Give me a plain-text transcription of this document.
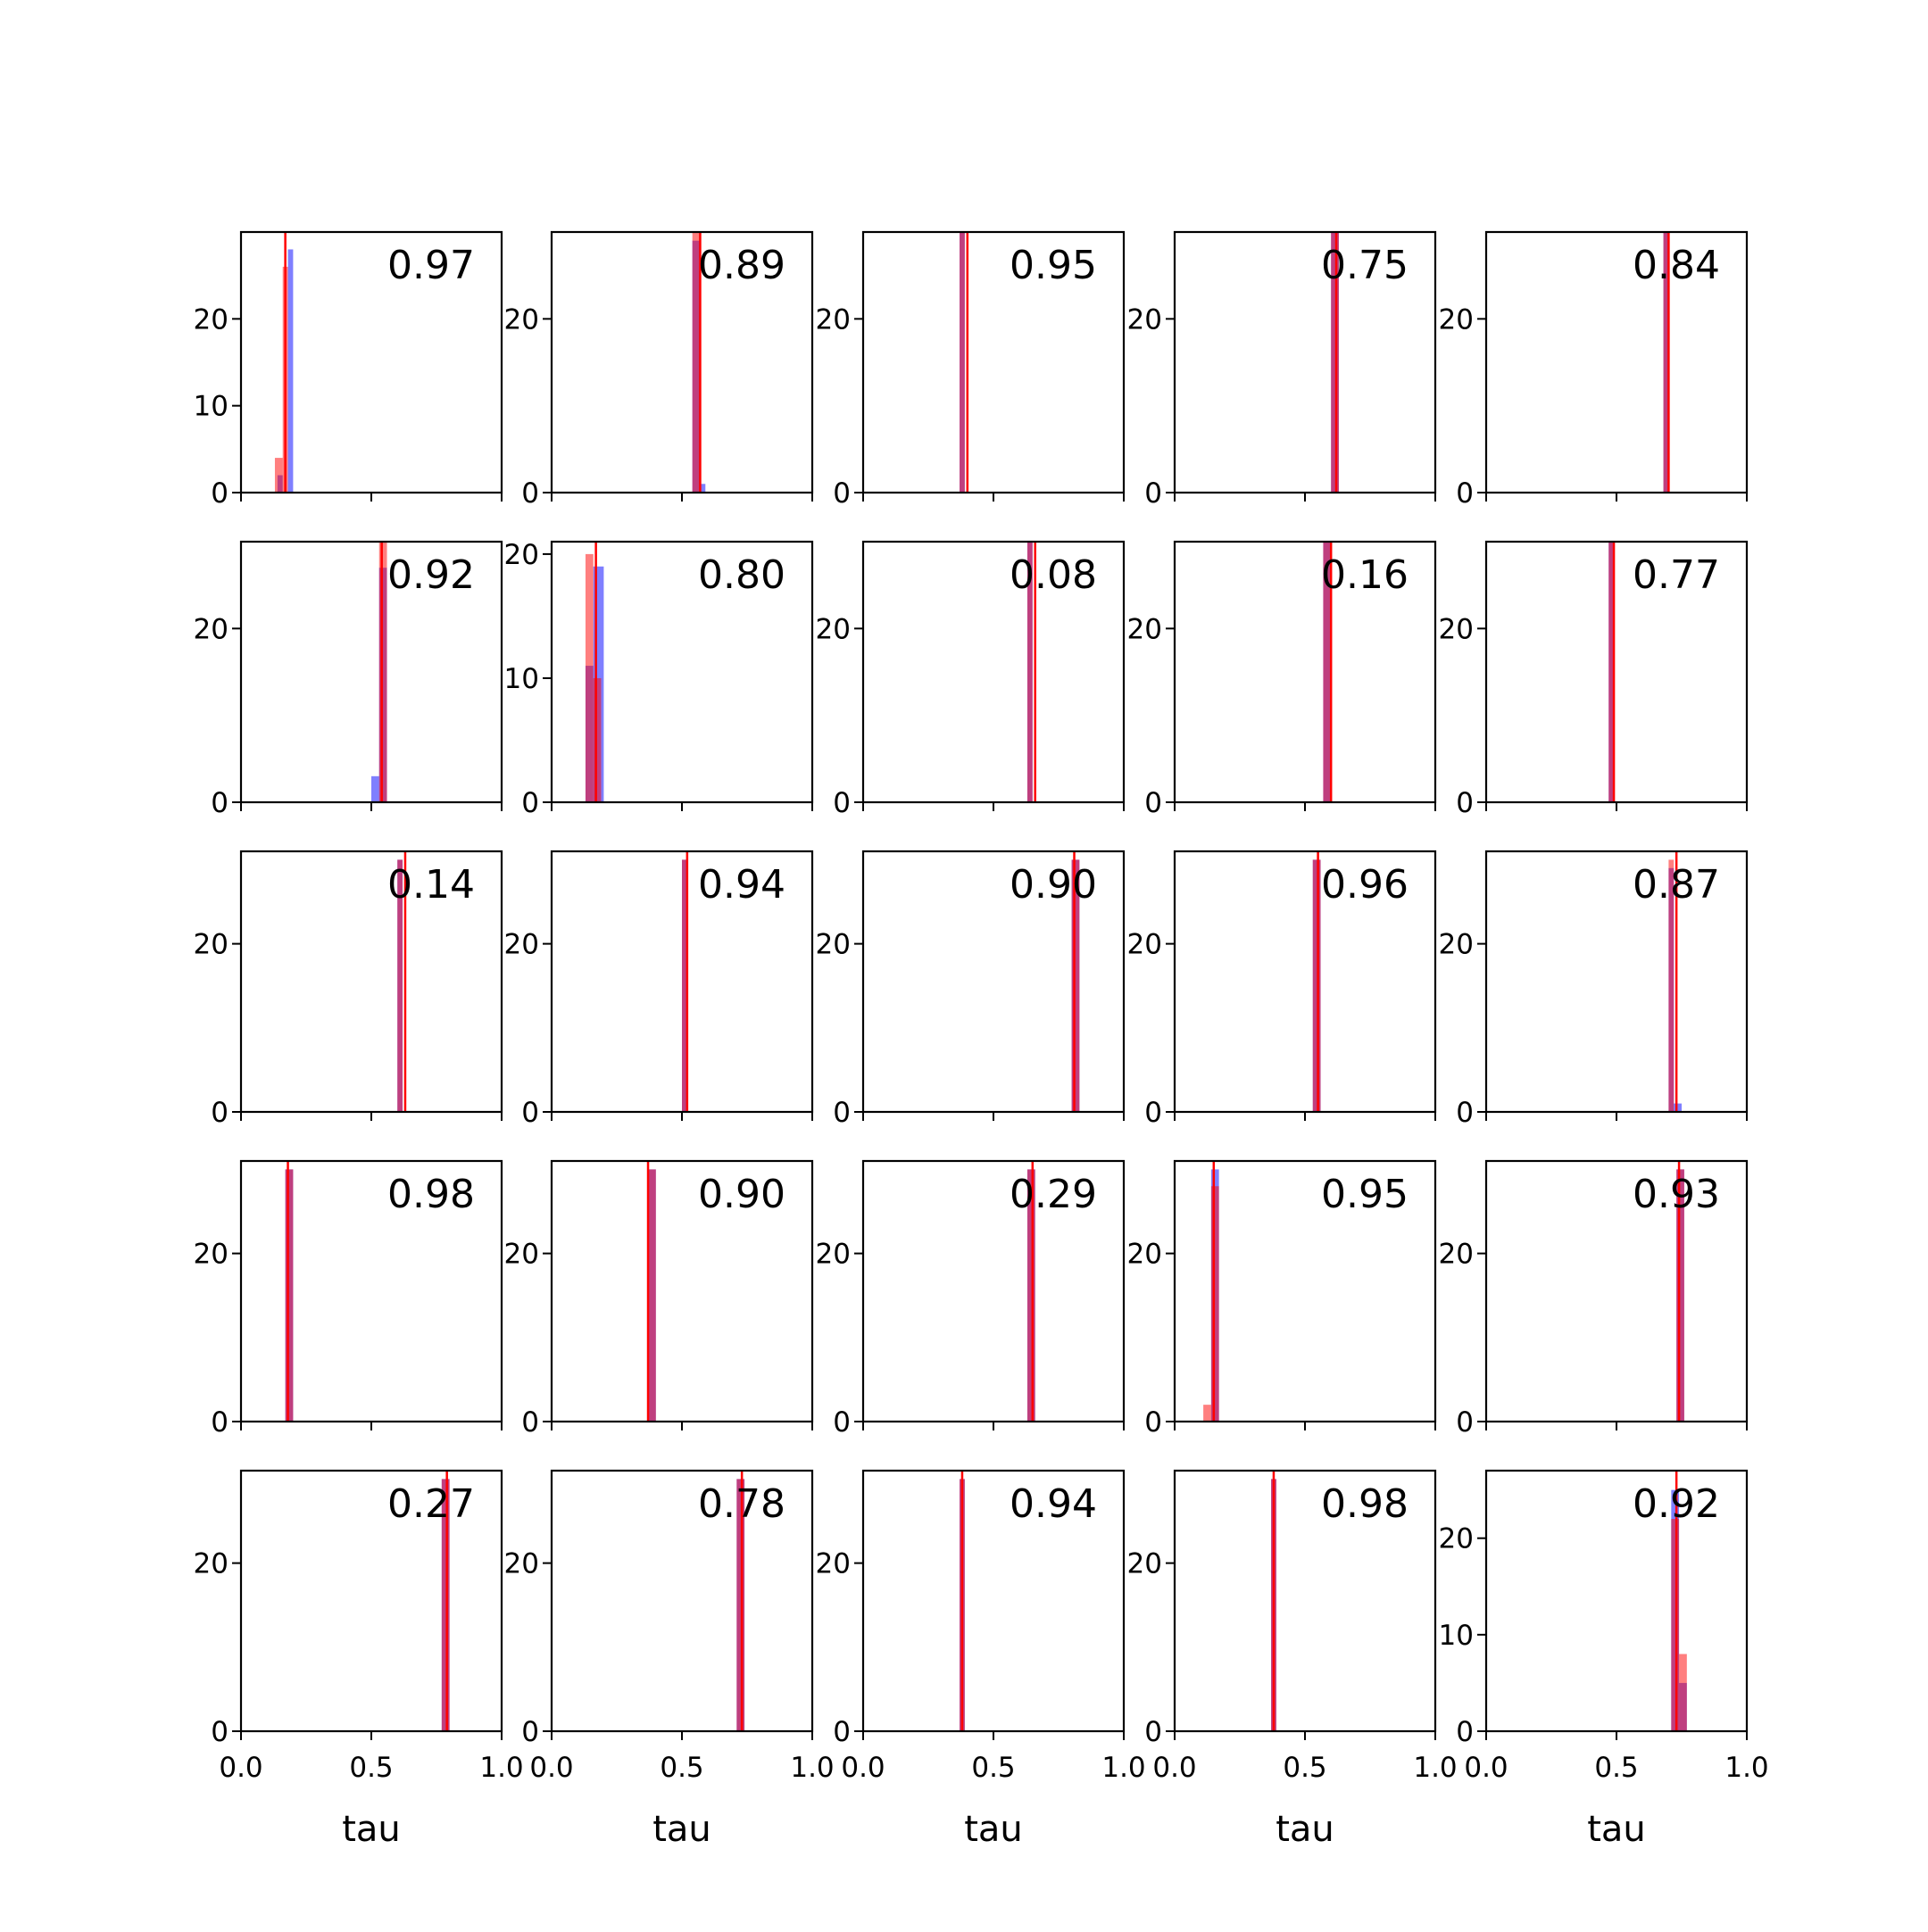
0
10
20
0.97
0
20
0.89
0
20
0.95
0
20
0.75
0
20
0.84
0
20
0.92
0
10
20	0.80
0
20
0.08
0
20
0.16
0
20
0.77
0
20
0.14
0
20
0.94
0
20
0.90
0
20
0.96
0
20
0.87
0
20
0.98
0
20
0.90
0
20
0.29
0
20
0.95
0
20
0.93
0
20
0.0	0.5	1.0
tau
0.27
0
20
0.0	0.5	1.0
tau
0.78
0
20
0.0	0.5	1.0
tau
0.94
0
20
0.0	0.5	1.0
tau
0.98
0
10
20
0.0	0.5	1.0
tau
0.92
